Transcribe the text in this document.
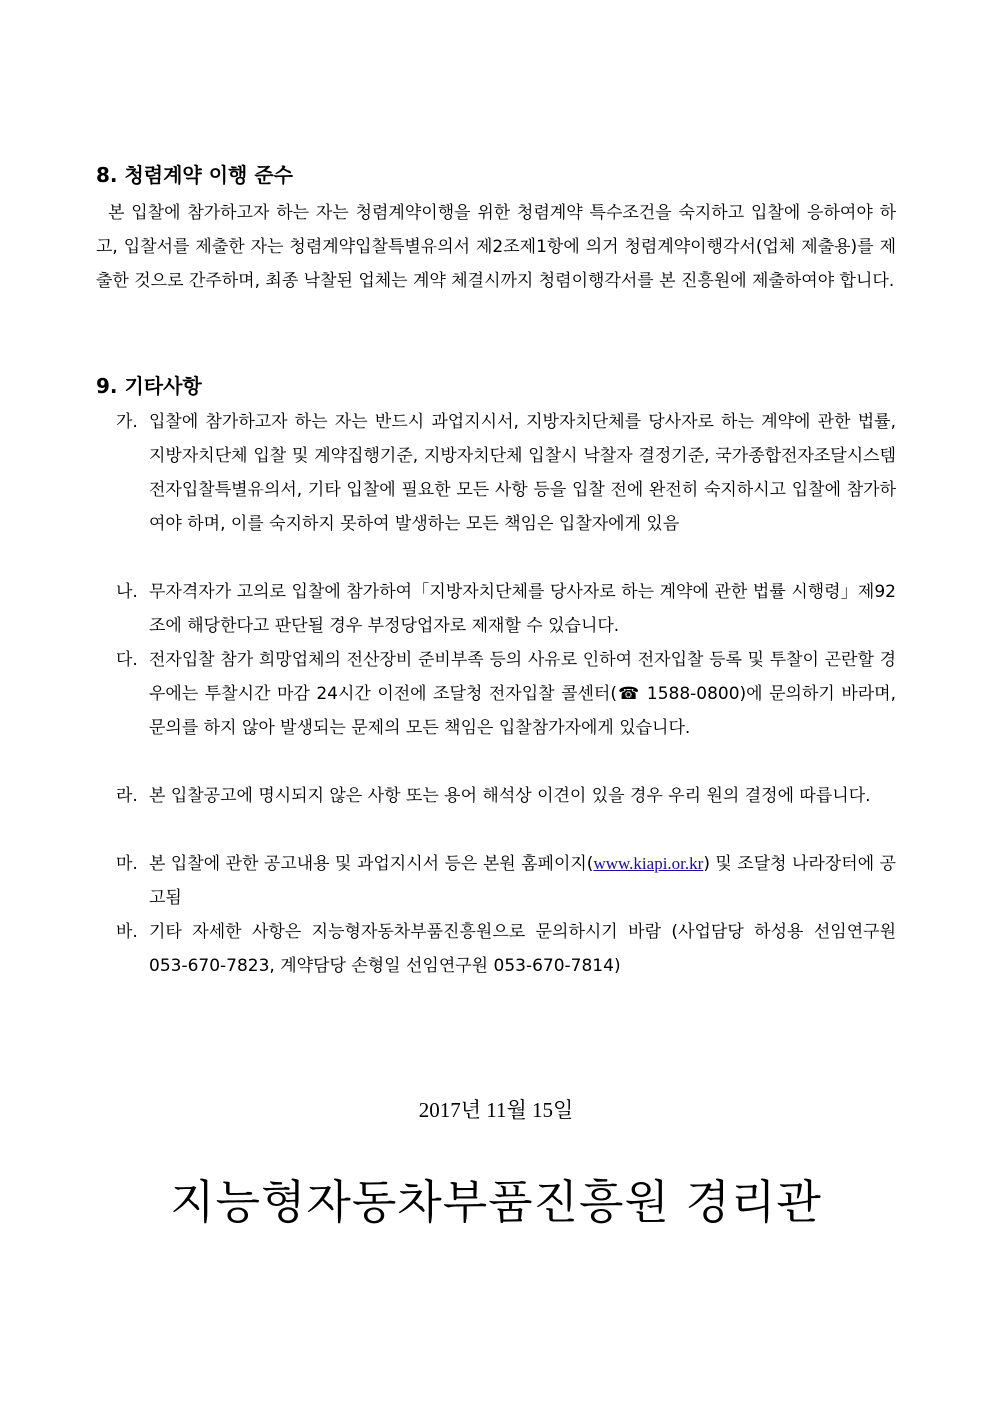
8. 청렴계약 이행 준수
본 입찰에 참가하고자 하는 자는 청렴계약이행을 위한 청렴계약 특수조건을 숙지하고 입찰에 응하여야 하고, 입찰서를 제출한 자는 청렴계약입찰특별유의서 제2조제1항에 의거 청렴계약이행각서(업체 제출용)를 제출한 것으로 간주하며, 최종 낙찰된 업체는 계약 체결시까지 청렴이행각서를 본 진흥원에 제출하여야 합니다.
9. 기타사항
가. 입찰에 참가하고자 하는 자는 반드시 과업지시서, 지방자치단체를 당사자로 하는 계약에 관한 법률, 지방자치단체 입찰 및 계약집행기준, 지방자치단체 입찰시 낙찰자 결정기준, 국가종합전자조달시스템 전자입찰특별유의서, 기타 입찰에 필요한 모든 사항 등을 입찰 전에 완전히 숙지하시고 입찰에 참가하여야 하며, 이를 숙지하지 못하여 발생하는 모든 책임은 입찰자에게 있음
나. 무자격자가 고의로 입찰에 참가하여「지방자치단체를 당사자로 하는 계약에 관한 법률 시행령」제92조에 해당한다고 판단될 경우 부정당업자로 제재할 수 있습니다.
다. 전자입찰 참가 희망업체의 전산장비 준비부족 등의 사유로 인하여 전자입찰 등록 및 투찰이 곤란할 경우에는 투찰시간 마감 24시간 이전에 조달청 전자입찰 콜센터(☎ 1588-0800)에 문의하기 바라며, 문의를 하지 않아 발생되는 문제의 모든 책임은 입찰참가자에게 있습니다.
라. 본 입찰공고에 명시되지 않은 사항 또는 용어 해석상 이견이 있을 경우 우리 원의 결정에 따릅니다.
마. 본 입찰에 관한 공고내용 및 과업지시서 등은 본원 홈페이지(www.kiapi.or.kr) 및 조달청 나라장터에 공고됨
바. 기타 자세한 사항은 지능형자동차부품진흥원으로 문의하시기 바람 (사업담당 하성용 선임연구원 053-670-7823, 계약담당 손형일 선임연구원 053-670-7814)
2017년 11월 15일
지능형자동차부품진흥원 경리관
